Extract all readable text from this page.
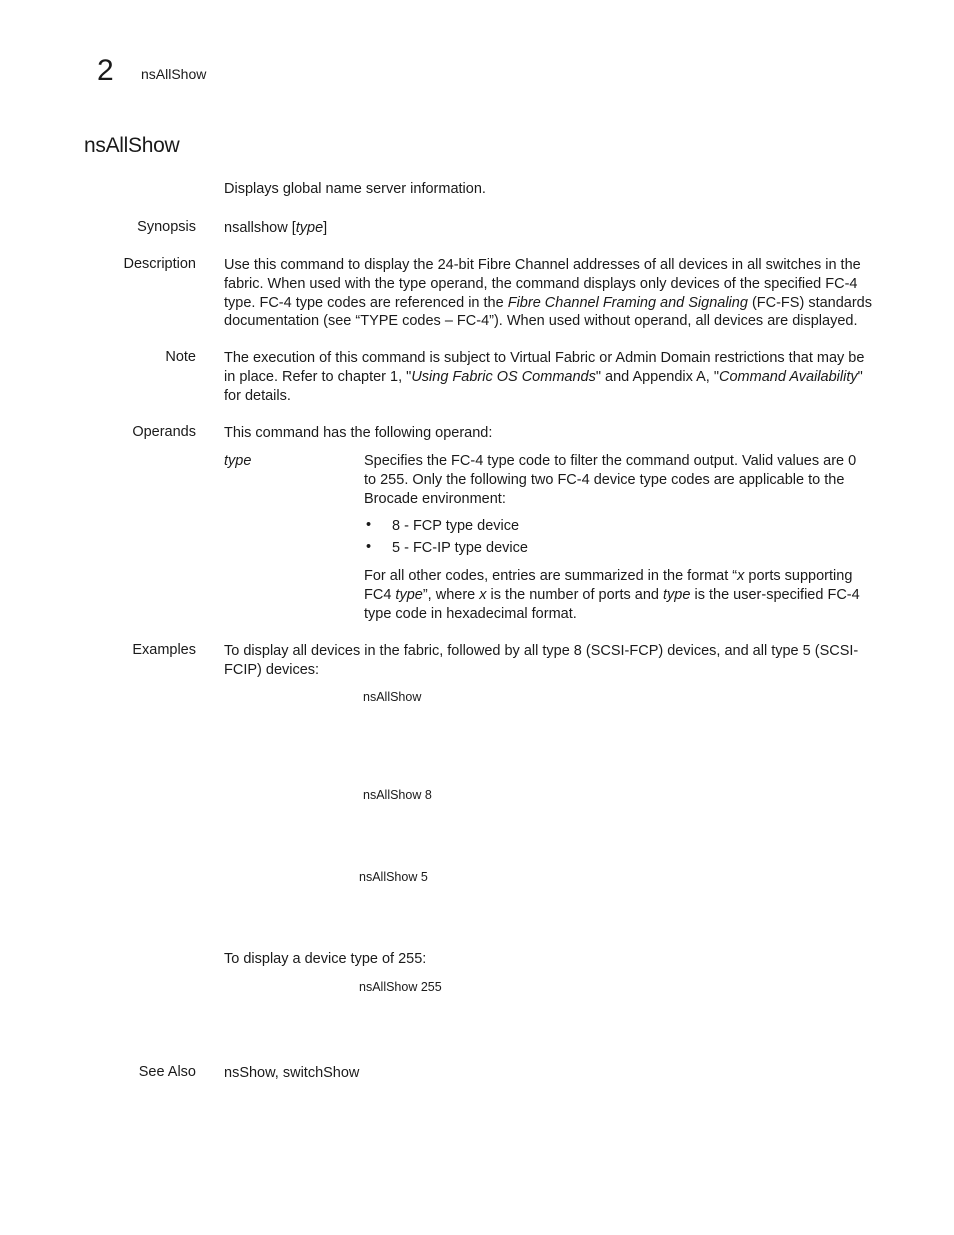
2 nsAllShow
nsAllShow
Displays global name server information.
Synopsis nsallshow [type]
Description Use this command to display the 24-bit Fibre Channel addresses of all devices in all switches in the fabric. When used with the type operand, the command displays only devices of the specified FC-4 type. FC-4 type codes are referenced in the Fibre Channel Framing and Signaling (FC-FS) standards documentation (see “TYPE codes – FC-4”). When used without operand, all devices are displayed.
Note The execution of this command is subject to Virtual Fabric or Admin Domain restrictions that may be in place. Refer to chapter 1, "Using Fabric OS Commands" and Appendix A, "Command Availability" for details.
Operands This command has the following operand:
type	Specifies the FC-4 type code to filter the command output. Valid values are 0 to 255. Only the following two FC-4 device type codes are applicable to the Brocade environment:
• 8 - FCP type device
• 5 - FC-IP type device
For all other codes, entries are summarized in the format “x ports supporting FC4 type”, where x is the number of ports and type is the user-specified FC-4 type code in hexadecimal format.
Examples To display all devices in the fabric, followed by all type 8 (SCSI-FCP) devices, and all type 5 (SCSI-FCIP) devices:
nsAllShow
nsAllShow 8
nsAllShow 5
To display a device type of 255:
nsAllShow 255
See Also nsShow, switchShow
